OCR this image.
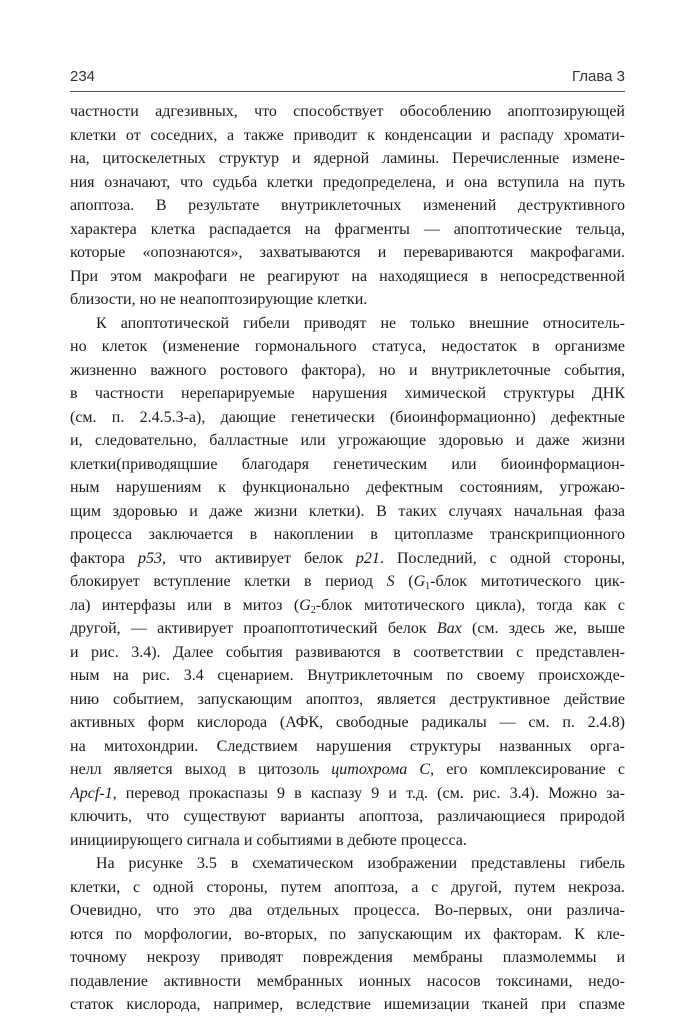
234	Глава 3
частности адгезивных, что способствует обособлению апоптозирующей
клетки от соседних, а также приводит к конденсации и распаду хромати-
на, цитоскелетных структур и ядерной ламины. Перечисленные измене-
ния означают, что судьба клетки предопределена, и она вступила на путь
апоптоза. В результате внутриклеточных изменений деструктивного
характера клетка распадается на фрагменты — апоптотические тельца,
которые «опознаются», захватываются и перевариваются макрофагами.
При этом макрофаги не реагируют на находящиеся в непосредственной
близости, но не неапоптозирующие клетки.
К апоптотической гибели приводят не только внешние относитель-
но клеток (изменение гормонального статуса, недостаток в организме
жизненно важного ростового фактора), но и внутриклеточные события,
в частности нерепарируемые нарушения химической структуры ДНК
(см. п. 2.4.5.3-а), дающие генетически (биоинформационно) дефектные
и, следовательно, балластные или угрожающие здоровью и даже жизни
клетки(приводящшие благодаря генетическим или биоинформацион-
ным нарушениям к функционально дефектным состояниям, угрожаю-
щим здоровью и даже жизни клетки). В таких случаях начальная фаза
процесса заключается в накоплении в цитоплазме транскрипционного
фактора p53, что активирует белок p21. Последний, с одной стороны,
блокирует вступление клетки в период S ($G_1$-блок митотического цик-
ла) интерфазы или в митоз ($G_2$-блок митотического цикла), тогда как с
другой, — активирует проапоптотический белок Bax (см. здесь же, выше
и рис. 3.4). Далее события развиваются в соответствии с представлен-
ным на рис. 3.4 сценарием. Внутриклеточным по своему происхожде-
нию событием, запускающим апоптоз, является деструктивное действие
активных форм кислорода (АФК, свободные радикалы — см. п. 2.4.8)
на митохондрии. Следствием нарушения структуры названных орга-
нелл является выход в цитозоль цитохрома С, его комплексирование с
Apcf-1, перевод прокаспазы 9 в каспазу 9 и т.д. (см. рис. 3.4). Можно за-
ключить, что существуют варианты апоптоза, различающиеся природой
инициирующего сигнала и событиями в дебюте процесса.
На рисунке 3.5 в схематическом изображении представлены гибель
клетки, с одной стороны, путем апоптоза, а с другой, путем некроза.
Очевидно, что это два отдельных процесса. Во-первых, они различа-
ются по морфологии, во-вторых, по запускающим их факторам. К кле-
точному некрозу приводят повреждения мембраны плазмолеммы и
подавление активности мембранных ионных насосов токсинами, недо-
статок кислорода, например, вследствие ишемизации тканей при спазме
